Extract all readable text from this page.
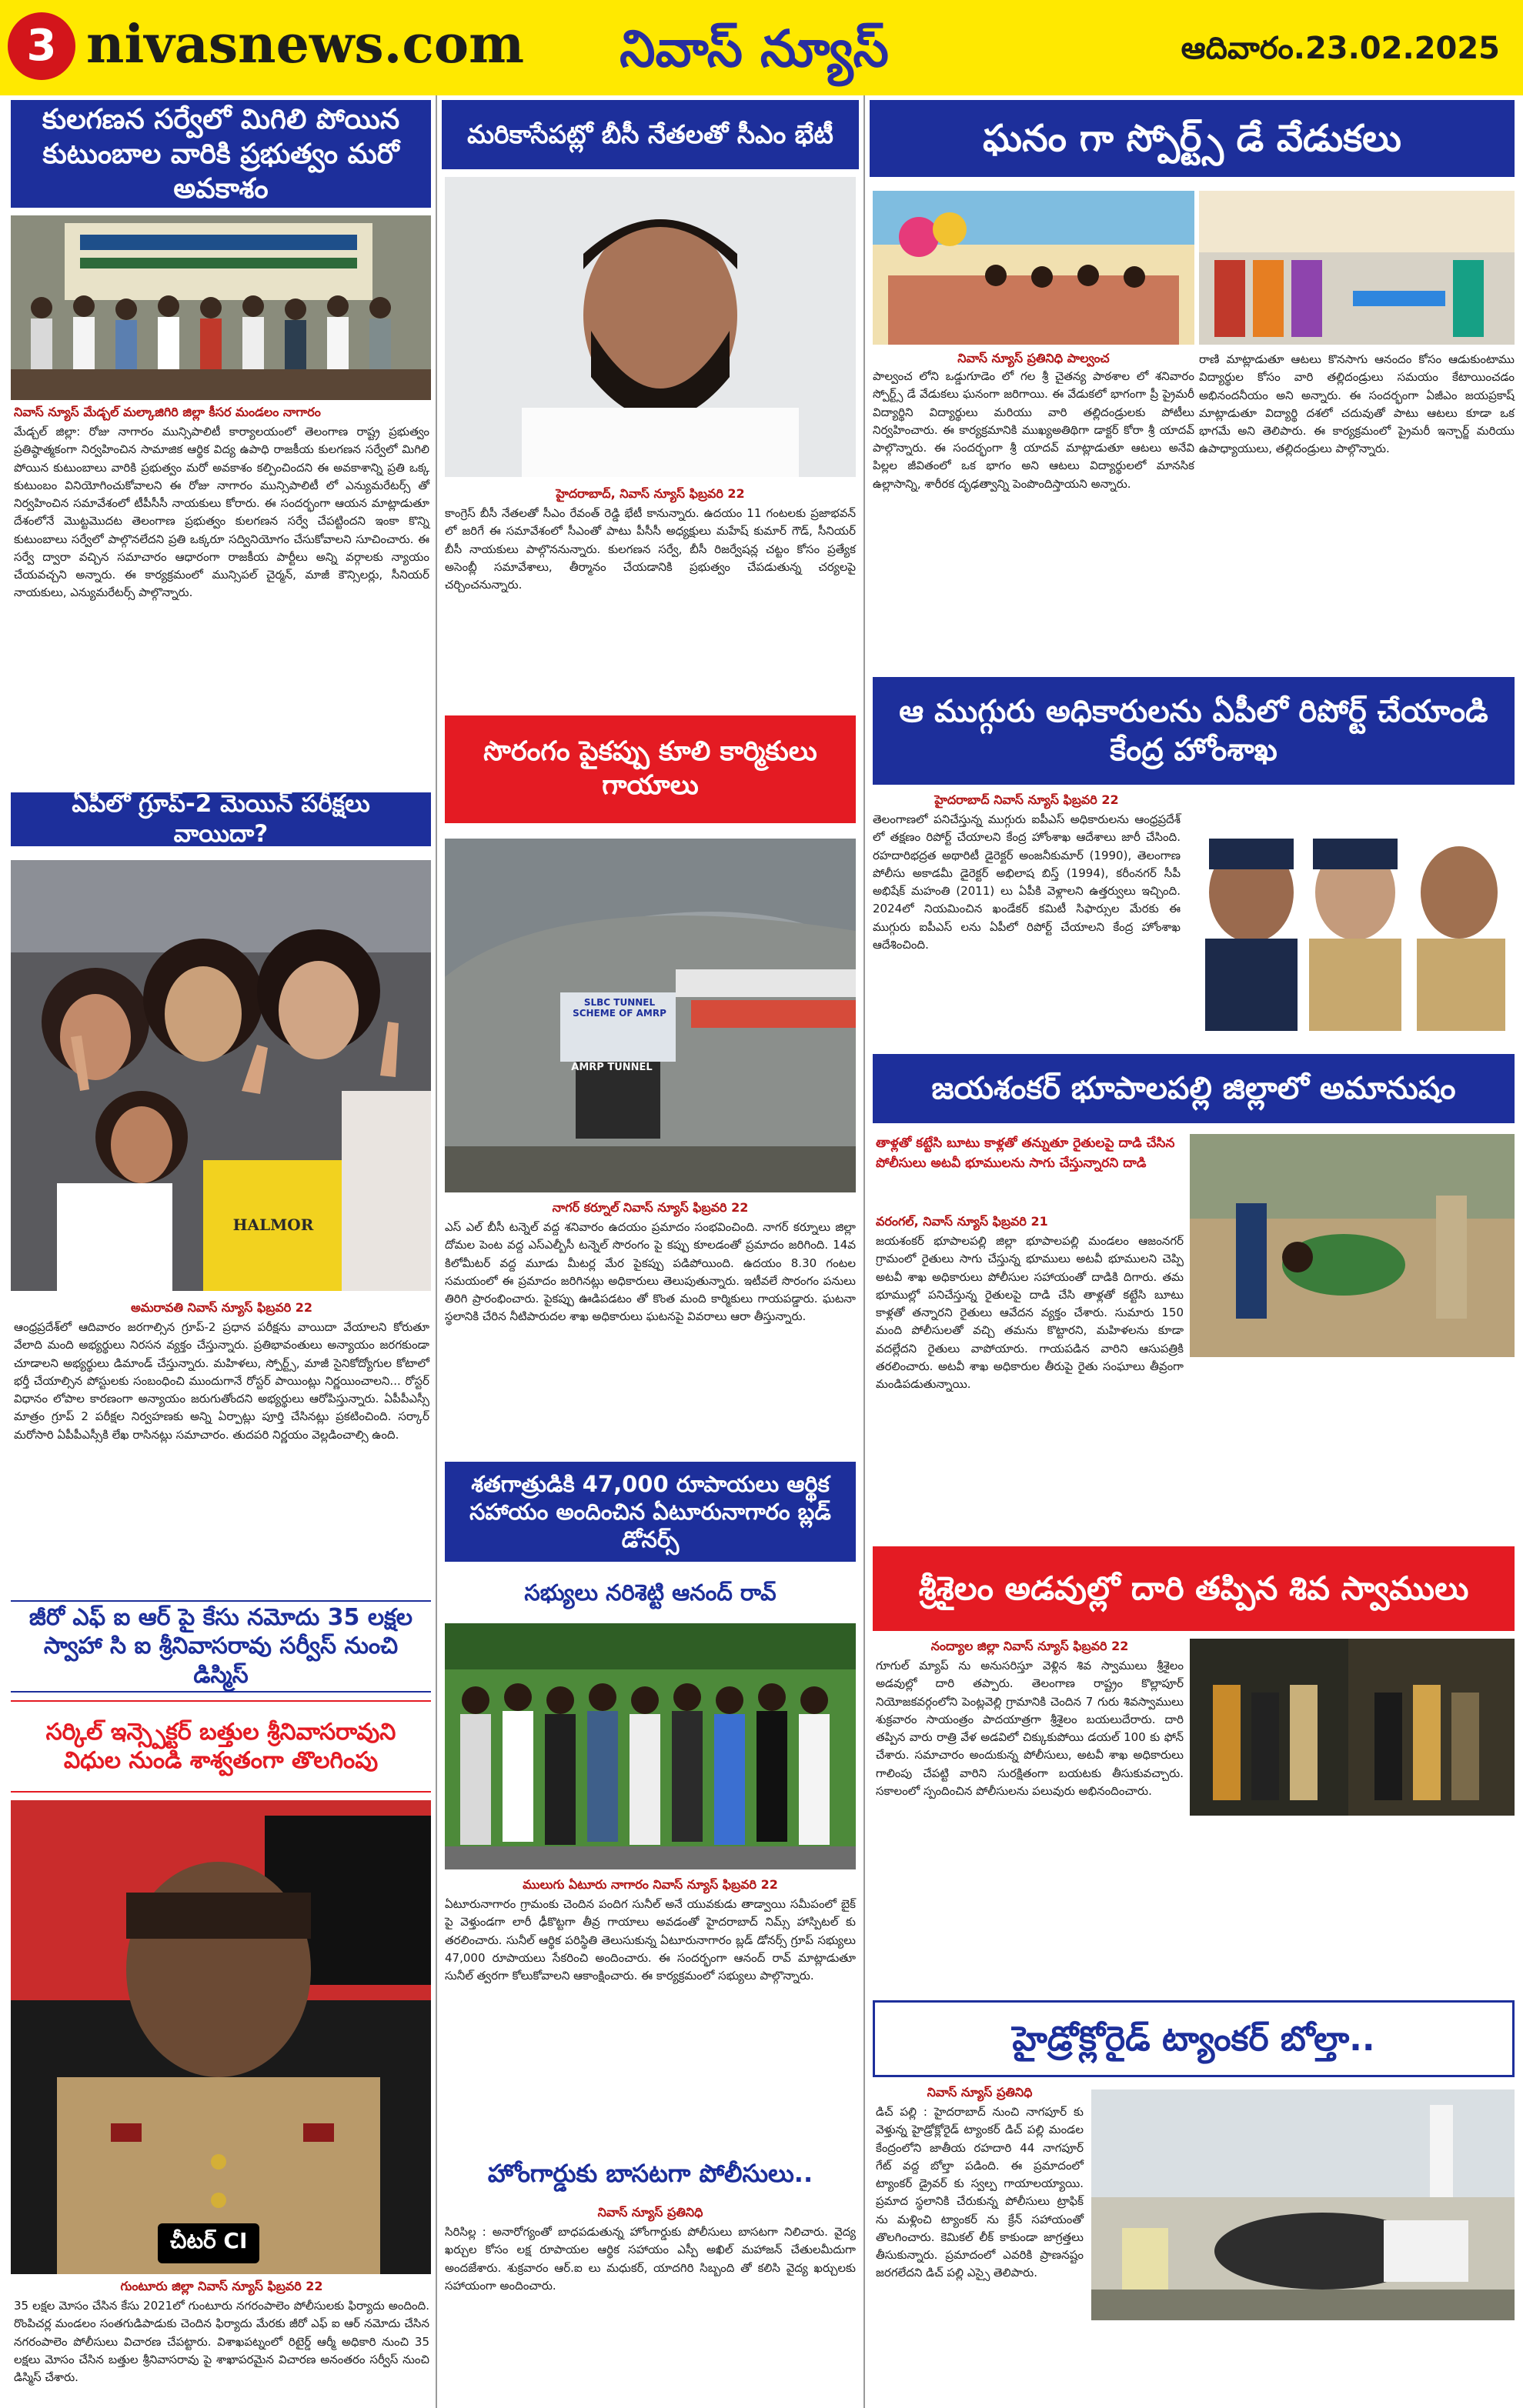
3 nivasnews.com	నివాస్ న్యూస్	ఆదివారం.23.02.2025
కులగణన సర్వేలో మిగిలి పోయిన కుటుంబాల వారికి ప్రభుత్వం మరో అవకాశం
నివాస్ న్యూస్ మేడ్చల్ మల్కాజిగిరి జిల్లా కీసర మండలం నాగారం
మేడ్చల్ జిల్లా: రోజు నాగారం మున్సిపాలిటీ కార్యాలయంలో తెలంగాణ రాష్ట్ర ప్రభుత్వం ప్రతిష్ఠాత్మకంగా నిర్వహించిన సామాజిక ఆర్థిక విద్య ఉపాధి రాజకీయ కులగణన సర్వేలో మిగిలి పోయిన కుటుంబాలు వారికి ప్రభుత్వం మరో అవకాశం కల్పించిందని ఈ అవకాశాన్ని ప్రతి ఒక్క కుటుంబం వినియోగించుకోవాలని ఈ రోజు నాగారం మున్సిపాలిటీ లో ఎన్యుమరేటర్స్ తో నిర్వహించిన సమావేశంలో టీపీసీసీ నాయకులు కోరారు. ఈ సందర్భంగా ఆయన మాట్లాడుతూ దేశంలోనే మొట్టమొదట తెలంగాణ ప్రభుత్వం కులగణన సర్వే చేపట్టిందని ఇంకా కొన్ని కుటుంబాలు సర్వేలో పాల్గొనలేదని ప్రతి ఒక్కరూ సద్వినియోగం చేసుకోవాలని సూచించారు. ఈ సర్వే ద్వారా వచ్చిన సమాచారం ఆధారంగా రాజకీయ పార్టీలు అన్ని వర్గాలకు న్యాయం చేయవచ్చని అన్నారు. ఈ కార్యక్రమంలో మున్సిపల్ చైర్మన్, మాజీ కౌన్సిలర్లు, సీనియర్ నాయకులు, ఎన్యుమరేటర్స్ పాల్గొన్నారు.
ఏపీలో గ్రూప్-2 మెయిన్ పరీక్షలు వాయిదా?
HALMOR
అమరావతి నివాస్ న్యూస్ ఫిబ్రవరి 22
ఆంధ్రప్రదేశ్‌లో ఆదివారం జరగాల్సిన గ్రూప్-2 ప్రధాన పరీక్షను వాయిదా వేయాలని కోరుతూ వేలాది మంది అభ్యర్థులు నిరసన వ్యక్తం చేస్తున్నారు. ప్రతిభావంతులు అన్యాయం జరగకుండా చూడాలని అభ్యర్థులు డిమాండ్ చేస్తున్నారు. మహిళలు, స్పోర్ట్స్, మాజీ సైనికోద్యోగుల కోటాలో భర్తీ చేయాల్సిన పోస్టులకు సంబంధించి ముందుగానే రోస్టర్ పాయింట్లు నిర్ణయించాలని... రోస్టర్ విధానం లోపాల కారణంగా అన్యాయం జరుగుతోందని అభ్యర్థులు ఆరోపిస్తున్నారు. ఏపీపీఎస్సీ మాత్రం గ్రూప్ 2 పరీక్షల నిర్వహణకు అన్ని ఏర్పాట్లు పూర్తి చేసినట్లు ప్రకటించింది. సర్కార్ మరోసారి ఏపీపీఎస్సీకి లేఖ రాసినట్లు సమాచారం. తుదపరి నిర్ణయం వెల్లడించాల్సి ఉంది.
జీరో ఎఫ్ ఐ ఆర్ పై కేసు నమోదు 35 లక్షల స్వాహా సి ఐ శ్రీనివాసరావు సర్వీస్ నుంచి డిస్మిస్
సర్కిల్ ఇన్స్పెక్టర్ బత్తుల శ్రీనివాసరావుని విధుల నుండి శాశ్వతంగా తొలగింపు
చీటర్ CI
గుంటూరు జిల్లా నివాస్ న్యూస్ ఫిబ్రవరి 22
35 లక్షల మోసం చేసిన కేసు 2021లో గుంటూరు నగరంపాలెం పోలీసులకు ఫిర్యాదు అందింది. రొంపిచర్ల మండలం సంతగుడిపాడుకు చెందిన ఫిర్యాదు మేరకు జీరో ఎఫ్ ఐ ఆర్ నమోదు చేసిన నగరంపాలెం పోలీసులు విచారణ చేపట్టారు. విశాఖపట్నంలో రిటైర్డ్ ఆర్మీ అధికారి నుంచి 35 లక్షలు మోసం చేసిన బత్తుల శ్రీనివాసరావు పై శాఖాపరమైన విచారణ అనంతరం సర్వీస్ నుంచి డిస్మిస్ చేశారు.
మరికాసేపట్లో బీసీ నేతలతో సీఎం భేటీ
హైదరాబాద్, నివాస్ న్యూస్ ఫిబ్రవరి 22
కాంగ్రెస్ బీసీ నేతలతో సీఎం రేవంత్ రెడ్డి భేటీ కానున్నారు. ఉదయం 11 గంటలకు ప్రజాభవన్ లో జరిగే ఈ సమావేశంలో సీఎంతో పాటు పీసీసీ అధ్యక్షులు మహేష్ కుమార్ గౌడ్, సీనియర్ బీసీ నాయకులు పాల్గొననున్నారు. కులగణన సర్వే, బీసీ రిజర్వేషన్ల చట్టం కోసం ప్రత్యేక అసెంబ్లీ సమావేశాలు, తీర్మానం చేయడానికి ప్రభుత్వం చేపడుతున్న చర్యలపై చర్చించనున్నారు.
సొరంగం పైకప్పు కూలి కార్మికులు గాయాలు
SLBC TUNNEL SCHEME OF AMRP
AMRP TUNNEL
నాగర్ కర్నూల్ నివాస్ న్యూస్ ఫిబ్రవరి 22
ఎస్ ఎల్ బీసీ టన్నెల్ వద్ద శనివారం ఉదయం ప్రమాదం సంభవించింది. నాగర్ కర్నూలు జిల్లా దోమల పెంట వద్ద ఎస్ఎల్బీసీ టన్నెల్ సొరంగం పై కప్పు కూలడంతో ప్రమాదం జరిగింది. 14వ కిలోమీటర్ వద్ద మూడు మీటర్ల మేర పైకప్పు పడిపోయింది. ఉదయం 8.30 గంటల సమయంలో ఈ ప్రమాదం జరిగినట్లు అధికారులు తెలుపుతున్నారు. ఇటీవలే సొరంగం పనులు తిరిగి ప్రారంభించారు. పైకప్పు ఊడిపడటం తో కొంత మంది కార్మికులు గాయపడ్డారు. ఘటనా స్థలానికి చేరిన నీటిపారుదల శాఖ అధికారులు ఘటనపై వివరాలు ఆరా తీస్తున్నారు.
శతగాత్రుడికి 47,000 రూపాయలు ఆర్థిక సహాయం అందించిన ఏటూరునాగారం బ్లడ్ డోనర్స్
సభ్యులు నరిశెట్టి ఆనంద్ రావ్
ములుగు ఏటూరు నాగారం నివాస్ న్యూస్ ఫిబ్రవరి 22
ఏటూరునాగారం గ్రామంకు చెందిన పందిగ సునీల్ అనే యువకుడు తాడ్వాయి సమీపంలో బైక్ పై వెళ్తుండగా లారీ ఢీకొట్టగా తీవ్ర గాయాలు అవడంతో హైదరాబాద్ నిమ్స్ హాస్పిటల్ కు తరలించారు. సునీల్ ఆర్థిక పరిస్థితి తెలుసుకున్న ఏటూరునాగారం బ్లడ్ డోనర్స్ గ్రూప్ సభ్యులు 47,000 రూపాయలు సేకరించి అందించారు. ఈ సందర్భంగా ఆనంద్ రావ్ మాట్లాడుతూ సునీల్ త్వరగా కోలుకోవాలని ఆకాంక్షించారు. ఈ కార్యక్రమంలో సభ్యులు పాల్గొన్నారు.
హోంగార్డుకు బాసటగా పోలీసులు..
నివాస్ న్యూస్ ప్రతినిధి
సిరిసిల్ల : అనారోగ్యంతో బాధపడుతున్న హోంగార్డుకు పోలీసులు బాసటగా నిలిచారు. వైద్య ఖర్చుల కోసం లక్ష రూపాయల ఆర్థిక సహాయం ఎస్పీ అఖిల్ మహాజన్ చేతులమీదుగా అందజేశారు. శుక్రవారం ఆర్.ఐ లు మధుకర్, యాదగిరి సిబ్బంది తో కలిసి వైద్య ఖర్చులకు సహాయంగా అందించారు.
ఘనం గా స్పోర్ట్స్ డే వేడుకలు
నివాస్ న్యూస్ ప్రతినిధి పాల్వంచ
పాల్వంచ లోని ఒడ్డుగూడెం లో గల శ్రీ చైతన్య పాఠశాల లో శనివారం స్పోర్ట్స్ డే వేడుకలు ఘనంగా జరిగాయి. ఈ వేడుకలో భాగంగా ప్రీ ప్రైమరీ విద్యార్థిని విద్యార్థులు మరియు వారి తల్లిదండ్రులకు పోటీలు నిర్వహించారు. ఈ కార్యక్రమానికి ముఖ్యఅతిథిగా డాక్టర్ కోరా శ్రీ యాదవ్ పాల్గొన్నారు. ఈ సందర్భంగా శ్రీ యాదవ్ మాట్లాడుతూ ఆటలు అనేవి పిల్లల జీవితంలో ఒక భాగం అని ఆటలు విద్యార్థులలో మానసిక ఉల్లాసాన్ని, శారీరక దృఢత్వాన్ని పెంపొందిస్తాయని అన్నారు.
రాణి మాట్లాడుతూ ఆటలు కొనసాగు ఆనందం కోసం ఆడుకుంటాము విద్యార్థుల కోసం వారి తల్లిదండ్రులు సమయం కేటాయించడం అభినందనీయం అని అన్నారు. ఈ సందర్భంగా ఏజీఎం జయప్రకాష్ మాట్లాడుతూ విద్యార్థి దశలో చదువుతో పాటు ఆటలు కూడా ఒక భాగమే అని తెలిపారు. ఈ కార్యక్రమంలో ప్రైమరీ ఇన్చార్జ్ మరియు ఉపాధ్యాయులు, తల్లిదండ్రులు పాల్గొన్నారు.
ఆ ముగ్గురు అధికారులను ఏపీలో రిపోర్ట్ చేయాండి కేంద్ర హోంశాఖ
హైదరాబాద్ నివాస్ న్యూస్ ఫిబ్రవరి 22
తెలంగాణలో పనిచేస్తున్న ముగ్గురు ఐపీఎస్ అధికారులను ఆంధ్రప్రదేశ్ లో తక్షణం రిపోర్ట్ చేయాలని కేంద్ర హోంశాఖ ఆదేశాలు జారీ చేసింది. రహదారిభద్రత అథారిటీ డైరెక్టర్ అంజనీకుమార్ (1990), తెలంగాణ పోలీసు అకాడమీ డైరెక్టర్ అభిలాష బిస్త్ (1994), కరీంనగర్ సీపీ అభిషేక్ మహంతి (2011) లు ఏపీకి వెళ్లాలని ఉత్తర్వులు ఇచ్చింది. 2024లో నియమించిన ఖండేకర్ కమిటీ సిఫార్సుల మేరకు ఈ ముగ్గురు ఐపీఎస్ లను ఏపీలో రిపోర్ట్ చేయాలని కేంద్ర హోంశాఖ ఆదేశించింది.
జయశంకర్ భూపాలపల్లి జిల్లాలో అమానుషం
తాళ్లతో కట్టేసి బూటు కాళ్లతో తన్నుతూ రైతులపై దాడి చేసిన పోలీసులు అటవీ భూములను సాగు చేస్తున్నారని దాడి
వరంగల్, నివాస్ న్యూస్ ఫిబ్రవరి 21
జయశంకర్ భూపాలపల్లి జిల్లా భూపాలపల్లి మండలం ఆజంనగర్ గ్రామంలో రైతులు సాగు చేస్తున్న భూములు అటవీ భూములని చెప్పి అటవీ శాఖ అధికారులు పోలీసుల సహాయంతో దాడికి దిగారు. తమ భూముల్లో పనిచేస్తున్న రైతులపై దాడి చేసి తాళ్లతో కట్టేసి బూటు కాళ్లతో తన్నారని రైతులు ఆవేదన వ్యక్తం చేశారు. సుమారు 150 మంది పోలీసులతో వచ్చి తమను కొట్టారని, మహిళలను కూడా వదల్లేదని రైతులు వాపోయారు. గాయపడిన వారిని ఆసుపత్రికి తరలించారు. అటవీ శాఖ అధికారుల తీరుపై రైతు సంఘాలు తీవ్రంగా మండిపడుతున్నాయి.
శ్రీశైలం అడవుల్లో దారి తప్పిన శివ స్వాములు
నంద్యాల జిల్లా నివాస్ న్యూస్ ఫిబ్రవరి 22
గూగుల్ మ్యాప్ ను అనుసరిస్తూ వెళ్లిన శివ స్వాములు శ్రీశైలం అడవుల్లో దారి తప్పారు. తెలంగాణ రాష్ట్రం కొల్లాపూర్ నియోజకవర్గంలోని పెంట్లవెల్లి గ్రామానికి చెందిన 7 గురు శివస్వాములు శుక్రవారం సాయంత్రం పాదయాత్రగా శ్రీశైలం బయలుదేరారు. దారి తప్పిన వారు రాత్రి వేళ అడవిలో చిక్కుకుపోయి డయల్ 100 కు ఫోన్ చేశారు. సమాచారం అందుకున్న పోలీసులు, అటవీ శాఖ అధికారులు గాలింపు చేపట్టి వారిని సురక్షితంగా బయటకు తీసుకువచ్చారు. సకాలంలో స్పందించిన పోలీసులను పలువురు అభినందించారు.
హైడ్రోక్లోరైడ్ ట్యాంకర్ బోల్తా..
నివాస్ న్యూస్ ప్రతినిధి
డిచ్ పల్లి : హైదరాబాద్ నుంచి నాగపూర్ కు వెళ్తున్న హైడ్రోక్లోరైడ్ ట్యాంకర్ డిచ్ పల్లి మండల కేంద్రంలోని జాతీయ రహదారి 44 నాగపూర్ గేట్ వద్ద బోల్తా పడింది. ఈ ప్రమాదంలో ట్యాంకర్ డ్రైవర్ కు స్వల్ప గాయాలయ్యాయి. ప్రమాద స్థలానికి చేరుకున్న పోలీసులు ట్రాఫిక్ ను మళ్లించి ట్యాంకర్ ను క్రేన్ సహాయంతో తొలగించారు. కెమికల్ లీక్ కాకుండా జాగ్రత్తలు తీసుకున్నారు. ప్రమాదంలో ఎవరికి ప్రాణనష్టం జరగలేదని డిచ్ పల్లి ఎస్సై తెలిపారు.
